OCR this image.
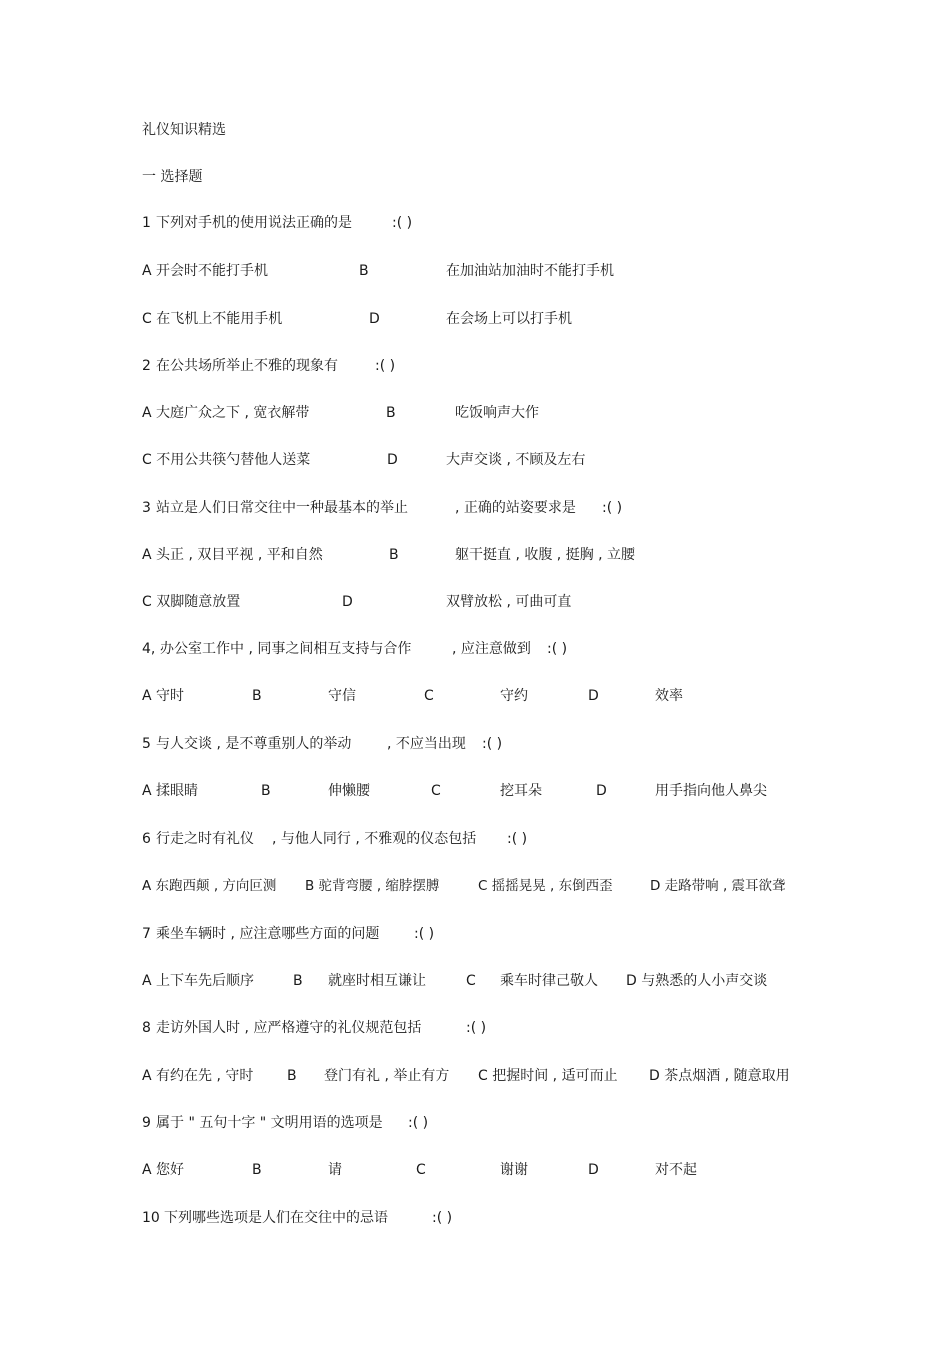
礼仪知识精选
一 选择题
1 下列对手机的使用说法正确的是	:( )
A 开会时不能打手机	B	在加油站加油时不能打手机
C 在飞机上不能用手机	D	在会场上可以打手机
2 在公共场所举止不雅的现象有	:( )
A 大庭广众之下 , 宽衣解带	B	吃饭响声大作
C 不用公共筷勺替他人送菜	D	大声交谈 , 不顾及左右
3 站立是人们日常交往中一种最基本的举止	, 正确的站姿要求是 :( )
A 头正 , 双目平视 , 平和自然	B	躯干挺直 , 收腹 , 挺胸 , 立腰
C 双脚随意放置	D	双臂放松 , 可曲可直
4, 办公室工作中 , 同事之间相互支持与合作	, 应注意做到 :( )
A 守时	B	守信	C	守约	D	效率
5 与人交谈 , 是不尊重别人的举动	, 不应当出现 :( )
A 揉眼睛	B	伸懒腰	C	挖耳朵	D	用手指向他人鼻尖
6 行走之时有礼仪 , 与他人同行 , 不雅观的仪态包括 :( )
A 东跑西颠 , 方向叵测 B 驼背弯腰 , 缩脖摆膊	C 摇摇晃晃 , 东倒西歪	D 走路带响 , 震耳欲聋
7 乘坐车辆时 , 应注意哪些方面的问题 :( )
A 上下车先后顺序	B 就座时相互谦让	C 乘车时律己敬人 D 与熟悉的人小声交谈
8 走访外国人时 , 应严格遵守的礼仪规范包括	:( )
A 有约在先 , 守时 B 登门有礼 , 举止有方 C 把握时间 , 适可而止 D 茶点烟酒 , 随意取用
9 属于 " 五句十字 " 文明用语的选项是 :( )
A 您好	B	请	C	谢谢	D	对不起
10 下列哪些选项是人们在交往中的忌语	:( )
